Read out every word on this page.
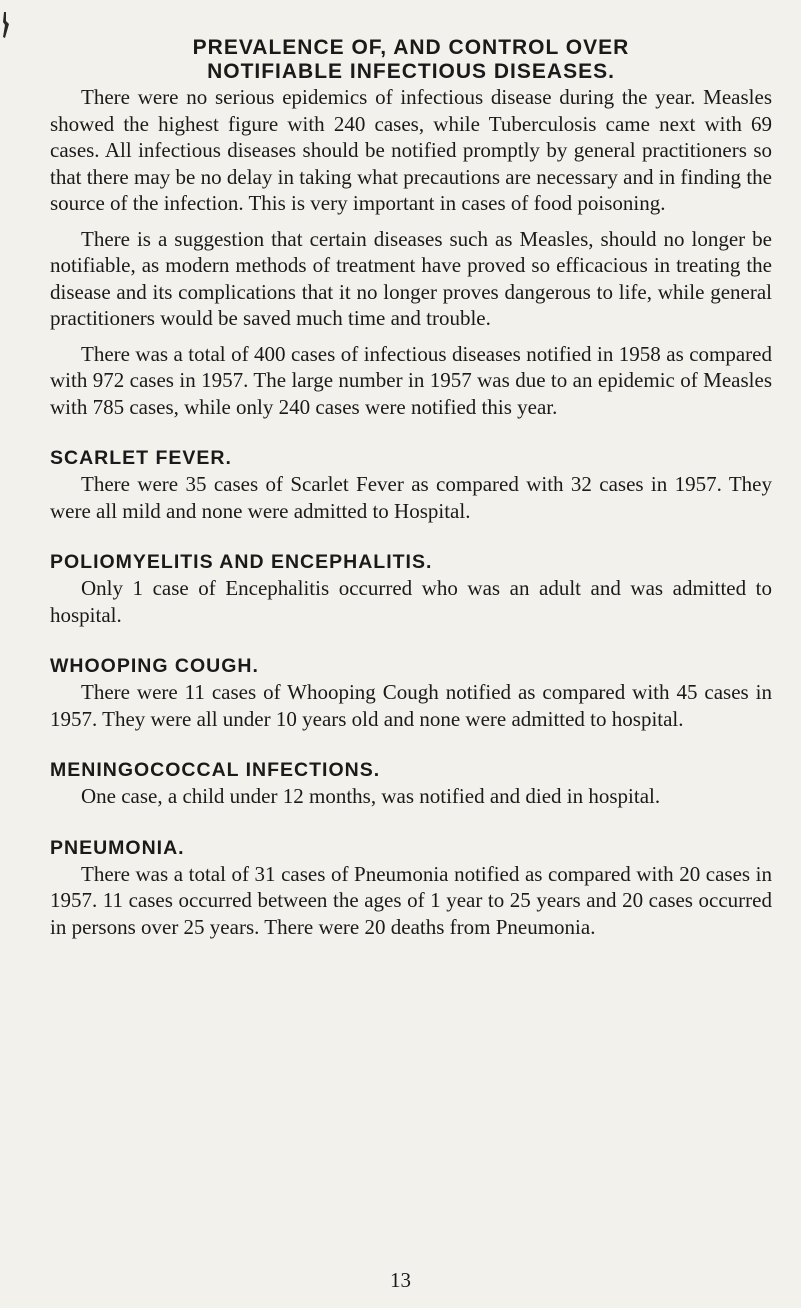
PREVALENCE OF, AND CONTROL OVER
NOTIFIABLE INFECTIOUS DISEASES.

There were no serious epidemics of infectious disease during the year. Measles showed the highest figure with 240 cases, while Tuberculosis came next with 69 cases. All infectious diseases should be notified promptly by general practitioners so that there may be no delay in taking what precautions are necessary and in finding the source of the infection. This is very important in cases of food poisoning.

There is a suggestion that certain diseases such as Measles, should no longer be notifiable, as modern methods of treatment have proved so efficacious in treating the disease and its complications that it no longer proves dangerous to life, while general practitioners would be saved much time and trouble.

There was a total of 400 cases of infectious diseases notified in 1958 as compared with 972 cases in 1957. The large number in 1957 was due to an epidemic of Measles with 785 cases, while only 240 cases were notified this year.

SCARLET FEVER.

There were 35 cases of Scarlet Fever as compared with 32 cases in 1957. They were all mild and none were admitted to Hospital.

POLIOMYELITIS AND ENCEPHALITIS.

Only 1 case of Encephalitis occurred who was an adult and was admitted to hospital.

WHOOPING COUGH.

There were 11 cases of Whooping Cough notified as compared with 45 cases in 1957. They were all under 10 years old and none were admitted to hospital.

MENINGOCOCCAL INFECTIONS.

One case, a child under 12 months, was notified and died in hospital.

PNEUMONIA.

There was a total of 31 cases of Pneumonia notified as compared with 20 cases in 1957. 11 cases occurred between the ages of 1 year to 25 years and 20 cases occurred in persons over 25 years. There were 20 deaths from Pneumonia.

13
